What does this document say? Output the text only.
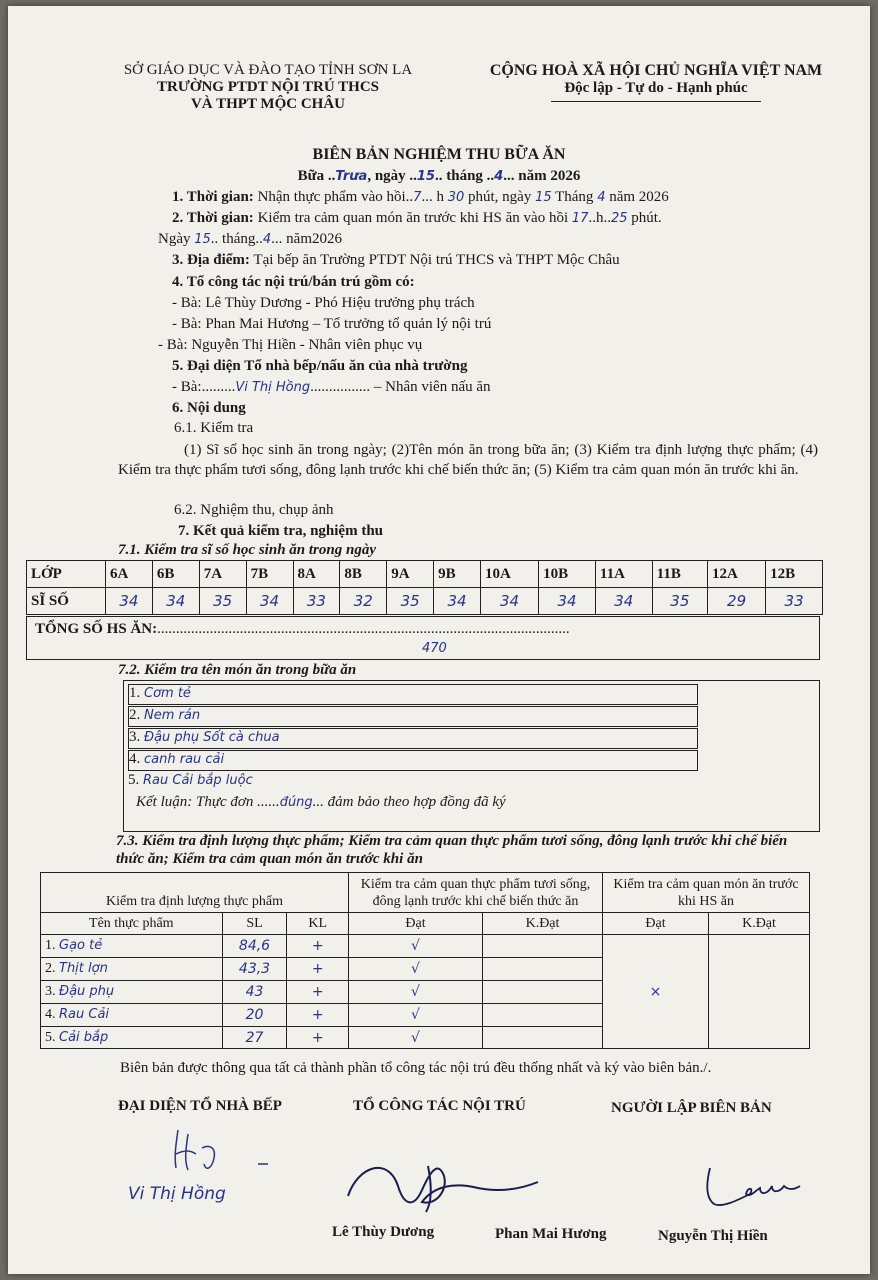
SỞ GIÁO DỤC VÀ ĐÀO TẠO TỈNH SƠN LA
TRƯỜNG PTDT NỘI TRÚ THCS
VÀ THPT MỘC CHÂU
CỘNG HOÀ XÃ HỘI CHỦ NGHĨA VIỆT NAM
Độc lập - Tự do - Hạnh phúc
BIÊN BẢN NGHIỆM THU BỮA ĂN
Bữa ..Trưa, ngày ..15.. tháng ..4... năm 2026
1. Thời gian: Nhận thực phẩm vào hồi..7... h 30 phút, ngày 15 Tháng 4 năm 2026
2. Thời gian: Kiểm tra cảm quan món ăn trước khi HS ăn vào hồi 17..h..25 phút.
Ngày 15.. tháng..4... năm2026
3. Địa điểm: Tại bếp ăn Trường PTDT Nội trú THCS và THPT Mộc Châu
4. Tổ công tác nội trú/bán trú gồm có:
- Bà: Lê Thùy Dương - Phó Hiệu trưởng phụ trách
- Bà: Phan Mai Hương – Tổ trưởng tổ quản lý nội trú
- Bà: Nguyễn Thị Hiền - Nhân viên phục vụ
5. Đại diện Tổ nhà bếp/nấu ăn của nhà trường
- Bà:.........Vi Thị Hồng................ – Nhân viên nấu ăn
6. Nội dung
6.1. Kiểm tra
(1) Sĩ số học sinh ăn trong ngày; (2)Tên món ăn trong bữa ăn; (3) Kiểm tra định lượng thực phẩm; (4) Kiểm tra thực phẩm tươi sống, đông lạnh trước khi chế biến thức ăn; (5) Kiểm tra cảm quan món ăn trước khi ăn.
6.2. Nghiệm thu, chụp ảnh
7. Kết quả kiểm tra, nghiệm thu
7.1. Kiểm tra sĩ số học sinh ăn trong ngày
LỚP	6A	6B	7A	7B	8A	8B	9A	9B	10A	10B	11A	11B	12A	12B
SĨ SỐ	34	34	35	34	33	32	35	34	34	34	34	35	29	33
TỔNG SỐ HS ĂN:..............................................................................................................
470
7.2. Kiểm tra tên món ăn trong bữa ăn
1. Cơm tẻ
2. Nem rán
3. Đậu phụ Sốt cà chua
4. canh rau cải
5. Rau Cải bắp luộc
Kết luận: Thực đơn ......đúng... đảm bảo theo hợp đồng đã ký
7.3. Kiểm tra định lượng thực phẩm; Kiểm tra cảm quan thực phẩm tươi sống, đông lạnh trước khi chế biến thức ăn; Kiểm tra cảm quan món ăn trước khi ăn
Kiểm tra định lượng thực phẩm			Kiểm tra cảm quan thực phẩm tươi sống, đông lạnh trước khi chế biến thức ăn		Kiểm tra cảm quan món ăn trước khi HS ăn	
Tên thực phẩm	SL	KL	Đạt	K.Đạt	Đạt	K.Đạt
1. Gạo tẻ	84,6	+	√		×	
2. Thịt lợn	43,3	+	√			
3. Đậu phụ	43	+	√			
4. Rau Cải	20	+	√			
5. Cải bắp	27	+	√			
Biên bản được thông qua tất cả thành phần tổ công tác nội trú đều thống nhất và ký vào biên bản./.
ĐẠI DIỆN TỔ NHÀ BẾP	TỔ CÔNG TÁC NỘI TRÚ	NGƯỜI LẬP BIÊN BẢN
Vi Thị Hồng
Lê Thùy Dương	Phan Mai Hương	Nguyễn Thị Hiền
